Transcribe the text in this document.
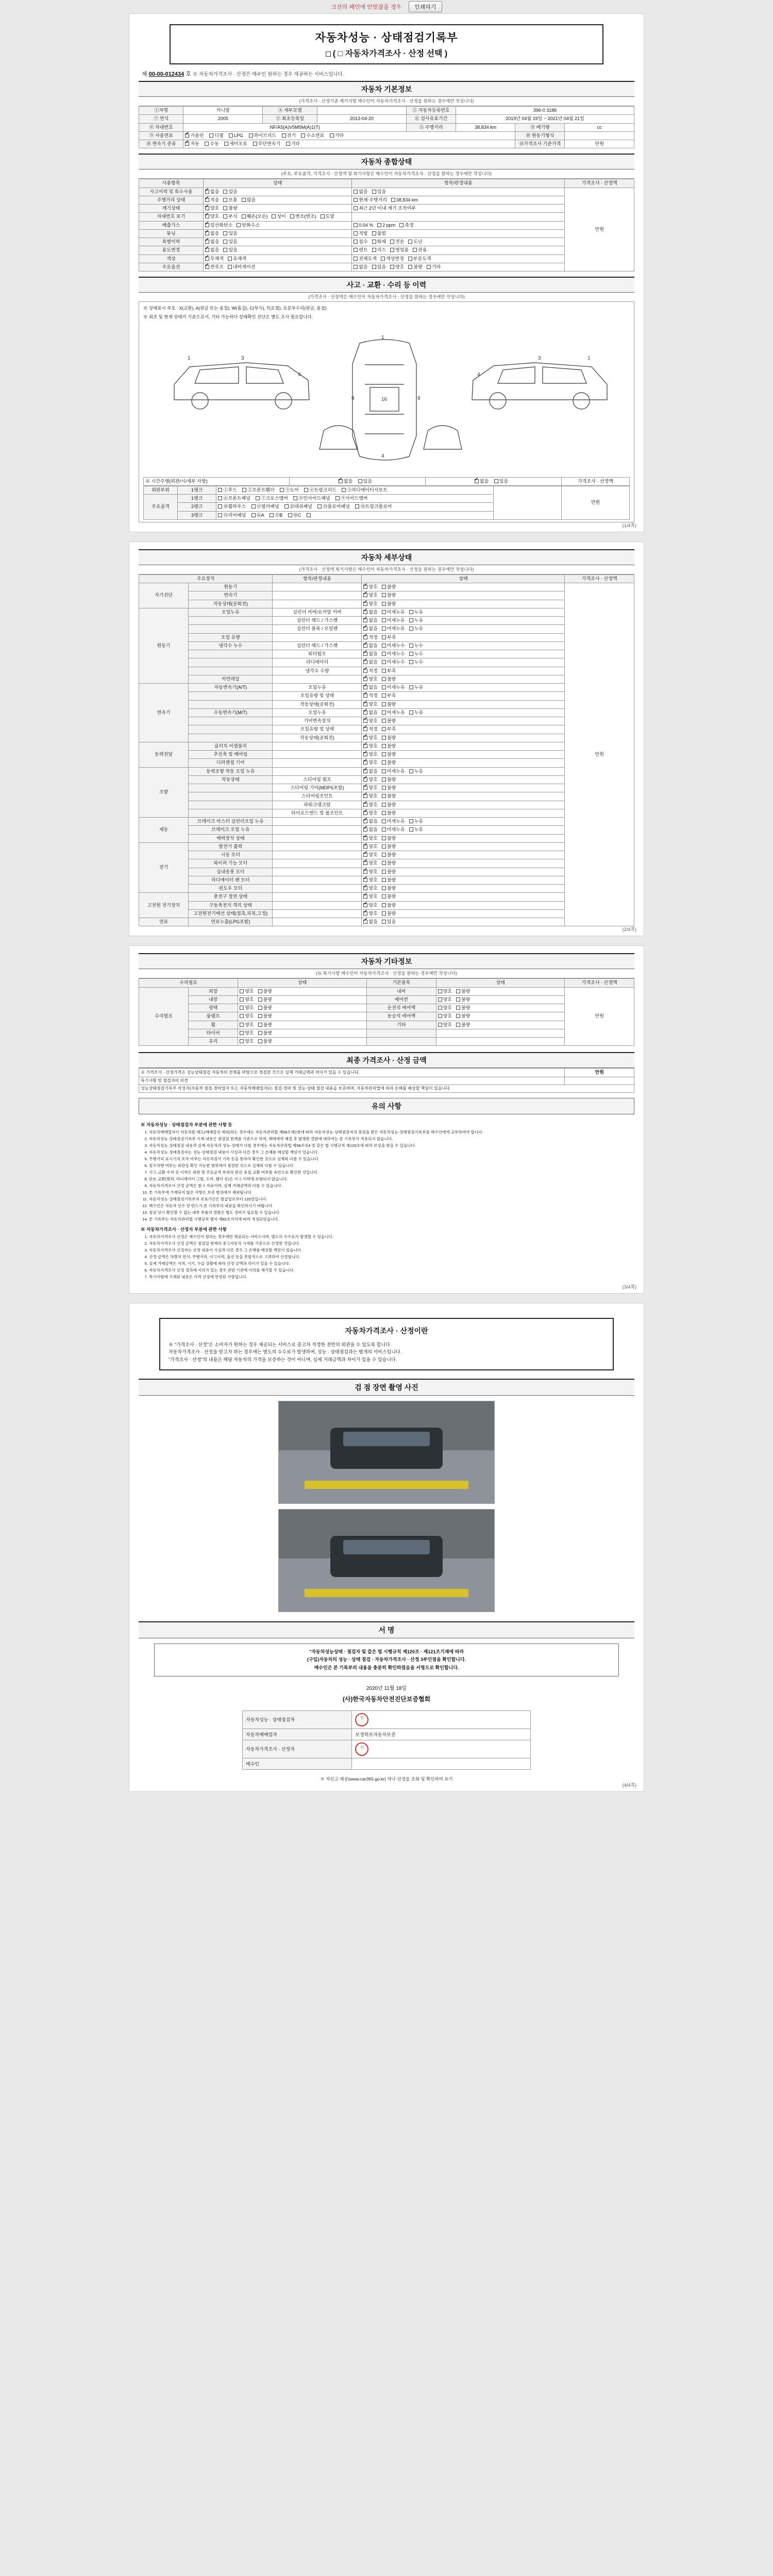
크션의 페인에 안맞잖을 경우	인쇄하기
자동차성능 · 상태점검기록부
( □ 자동차가격조사 · 산정 선택 )
제 00-00-012434 호 ※ 자동차가격조사 · 산정은 매수인 원하는 경우 제공하는 서비스입니다.
자동차 기본정보
(가격조사 · 산정기준 제기사항 매수인이 자동차가격조사 · 산정을 원하는 경우에만 작성니다)
①차명	카니발	④ 세부모델		② 자동차등록번호	396-0 3186		
⑦ 연식	2005	⑤ 최초등록일	2013-04-20	⑥ 검사유효기간	2019년 04월 19일 ~ 2021년 04월 21일		
⑧ 차대번호	NF/A5(A)V5M5M(A)1(T)			⑤ 주행거리	38,834 km	⑪ 배기량	cc
⑨ 사용연료	✔가솔린 디젤 LPG 하이브리드 전기 수소연료 기타					⑩ 원동기형식	
⑩ 변속기 종류	✔자동 수동 세미오토 무단변속기 기타					⑭가격조사 기준가격	만원
자동차 종합상태
(주요, 주요골격, 가격조사 · 산정액 및 복기사항은 매수인이 자동차가격조사 · 산정을 원하는 경우에만 작성니다)
사용항목	상태	항목/판정내용	가격조사 · 산정액
사고이력 및 특수사용	✔없음 있음	없음 있음	만원
주행거리 상태	✔적음 보통 많음	현재 주행거리 38,834 km	
계기상태	✔양호 불량	최근 2년 이내 계기 조작여부	
차대번호 표기	✔양호 부식 훼손(오손) 상이 변조(변조) 도말	
배출가스	✔일산화탄소 탄화수소	0.04 % 2 ppm 측정	
튜닝	✔없음 있음	적법 불법	
특별이력	✔없음 있음	침수 화재 전손 도난	
용도변경	✔없음 있음	렌트 리스 영업용 관용	
색상	✔무채색 유채색	전체도색 색상변경 부분도색	
주요옵션	✔썬루프 내비게이션	없음 있음 양호 불량 기타	
사고 · 교환 · 수리 등 이력
(가격조사 · 산정액은 매수인이 자동차가격조사 · 산정을 원하는 경우에만 작성니다)
※ 상태표시 부호 : X(교환), A(판금 또는 용접), W(흠집), C(부식), T(요철), 요분부수리(판금, 용접)
※ 최초 및 현재 상태가 기준으로서, 기타 가능하다 상태확인 진단은 별도 조사 필요합니다.
1	3
4
1
16
4
9	9
1
3
4
※ 시간주행(외관/시/세부 사항)	✔없음 있음	✔없음 있음	가격조사 · 산정액
외판부위	1랭크	①후드 ②프론트휀더 ③도어 ④트렁크리드 ⑤라디에이터서포트		만원
주요골격	1랭크	⑥프론트패널 ⑦크로스멤버 ⑧인사이드패널 ⑨사이드멤버		
	2랭크	⑩휠하우스 ⑪필러패널 ⑫대쉬패널 ⑬플로어패널 ⑭트렁크플로어		
	3랭크	⑮리어패널 ⑯A ⑰B ⑱C		
(1/4쪽)
자동차 세부상태
(가격조사 · 산정액 복기사항은 매수인이 자동차가격조사 · 산정을 원하는 경우에만 작성니다)
주요장치		항목/판정내용	상태	가격조사 · 산정액
자기진단	원동기		✔양호 불량	만원
	변속기		✔양호 불량
	작동상태(공회전)		✔양호 불량
원동기	오일누유	실린더 커버/로커암 커버	✔없음 미세누유 누유
		실린더 헤드 / 가스켓	✔없음 미세누유 누유
		실린더 블록 / 오일팬	✔없음 미세누유 누유
	오일 유량		✔적정 부족
	냉각수 누수	실린더 헤드 / 가스켓	✔없음 미세누수 누수
		워터펌프	✔없음 미세누수 누수
		라디에이터	✔없음 미세누수 누수
		냉각수 수량	✔적정 부족
	커먼레일		✔양호 불량
변속기	자동변속기(A/T)	오일누유	✔없음 미세누유 누유
		오일유량 및 상태	✔적정 부족
		작동상태(공회전)	✔양호 불량
	수동변속기(M/T)	오일누유	✔없음 미세누유 누유
		기어변속장치	✔양호 불량
		오일유량 및 상태	✔적정 부족
		작동상태(공회전)	✔양호 불량
동력전달	클러치 어셈블리		✔양호 불량
	추진축 및 베어링		✔양호 불량
	디퍼렌셜 기어		✔양호 불량
조향	동력조향 작동 오일 누유		✔없음 미세누유 누유
	작동상태	스티어링 펌프	✔양호 불량
		스티어링 기어(MDPS포함)	✔양호 불량
		스티어링조인트	✔양호 불량
		파워크랭크암	✔양호 불량
		타이로드엔드 및 볼조인트	✔양호 불량
제동	브레이크 마스터 실린더오일 누유		✔없음 미세누유 누유
	브레이크 오일 누유		✔없음 미세누유 누유
	배력장치 상태		✔양호 불량
전기	발전기 출력		✔양호 불량
	시동 모터		✔양호 불량
	와이퍼 기능 모터		✔양호 불량
	실내송풍 모터		✔양호 불량
	라디에이터 팬 모터		✔양호 불량
	윈도우 모터		✔양호 불량
고전원 전기장치	충전구 절연 상태		✔양호 불량
	구동축전지 격리 상태		✔양호 불량
	고전원전기배선 상태(접촉,피복,고정)		✔양호 불량
연료	연료누출(LPG포함)		✔없음 있음
(2/4쪽)
자동차 기타정보
(유 복기사항 매수인이 자동차가격조사 · 산정을 원하는 경우에만 작성니다)
수리필요		상태	기본품목	상태	가격조사 · 산정액
수리필요	외장	양호 불량	내비	양호 불량	만원
	내장	양호 불량	에어컨	양호 불량	
	광택	양호 불량	운전석 에어백	양호 불량	
	룸램프	양호 불량	동승석 에어백	양호 불량	
	휠	양호 불량	기타	양호 불량	
	타이어	양호 불량			
	유리	양호 불량			
최종 가격조사 · 산정 금액
※ 가격조사 · 산정가격은 성능상태점검 자동차의 전체를 바탕으로 정검한 것으로 실제 거래금액과 차이가 있을 수 있습니다.	만원
특기사항 및 점검자의 의견	
성능상태점검기록부 작성자(자동차 점검·정비업자 또는 자동차매매업자)는 점검·정비 및 성능·상태 점검 내용을 보증하며, 자동차관리법에 따라 손해를 배상할 책임이 있습니다.	
유의 사항
※ 자동차성능 · 상태점검자 부분에 관한 사항 등
1. 자동차매매업자가 자동차를 매도(매매알선 제외)하는 경우에는 자동차관리법 제58조제1항에 따라 자동차성능·상태점검자의 점검을 받은 자동차성능·상태점검기록부를 매수인에게 교부하여야 합니다.
2. 자동차성능·상태점검기록부 기재 내용은 점검일 현재를 기준으로 하며, 매매계약 체결 후 발생한 결함에 대하여는 본 기록부가 적용되지 않습니다.
3. 자동차성능·상태점검 내용과 실제 자동차의 성능·상태가 다를 경우에는 자동차관리법 제58조의4 및 같은 법 시행규칙 제120조에 따라 보상을 받을 수 있습니다.
4. 자동차성능·상태점검자는 성능·상태점검 내용이 사실과 다른 경우 그 손해를 배상할 책임이 있습니다.
5. 주행거리 표시기의 조작 여부는 자동차검사 기록 등을 통하여 확인한 것으로 실제와 다를 수 있습니다.
6. 침수차량 여부는 외관상 확인 가능한 범위에서 점검한 것으로 실제와 다를 수 있습니다.
7. 사고·교환·수리 등 이력은 외판 및 주요골격 부위의 판금·용접·교환 여부를 육안으로 확인한 것입니다.
8. 단순 교환(범퍼, 라디에이터 그릴, 도어, 휀더 등)은 사고 이력에 포함되지 않습니다.
9. 자동차가격조사·산정 금액은 참고 자료이며, 실제 거래금액과 다를 수 있습니다.
10. 본 기록부에 기재되지 않은 사항은 보증 범위에서 제외됩니다.
11. 자동차성능·상태점검기록부의 유효기간은 발급일로부터 120일입니다.
12. 매수인은 자동차 인수 전 반드시 본 기록부의 내용을 확인하시기 바랍니다.
13. 점검 당시 확인할 수 없는 내부 부품의 결함은 별도 정비가 필요할 수 있습니다.
14. 본 기록부는 자동차관리법 시행규칙 별지 제82호서식에 따라 작성되었습니다.
※ 자동차가격조사 · 산정자 부분에 관한 사항
1. 자동차가격조사·산정은 매수인이 원하는 경우에만 제공되는 서비스이며, 별도의 수수료가 발생할 수 있습니다.
2. 자동차가격조사·산정 금액은 점검일 현재의 중고자동차 시세를 기준으로 산정한 것입니다.
3. 자동차가격조사·산정자는 산정 내용이 사실과 다른 경우 그 손해를 배상할 책임이 있습니다.
4. 산정 금액은 차량의 연식, 주행거리, 사고이력, 옵션 등을 종합적으로 고려하여 산정합니다.
5. 실제 거래금액은 지역, 시기, 수급 상황에 따라 산정 금액과 차이가 있을 수 있습니다.
6. 자동차가격조사·산정 결과에 이의가 있는 경우 관련 기관에 이의를 제기할 수 있습니다.
7. 특기사항에 기재된 내용은 가격 산정에 반영된 사항입니다.
(3/4쪽)
자동차가격조사 · 산정이란
※ "가격조사 · 산정"은 소비자가 원하는 경우 제공되는 서비스로 중고차 적정한 전반의 외관을 수 있도록 합니다.
자동차가격조사 · 산정을 받고자 하는 경우에는 별도의 수수료가 발생하며, 성능 · 상태점검과는 별개의 서비스입니다.
"가격조사 · 산정"의 내용은 해당 자동차의 가격을 보증하는 것이 아니며, 실제 거래금액과 차이가 있을 수 있습니다.
검 점 장면 촬영 사진
서 명
"자동차성능상태 · 점검자 및 같은 법 시행규칙 제120조 · 제121조기재에 따라
(구입)자동차의 성능 · 상태 점검 · 자동차가격조사 · 산정 3부인점을 확인합니다.
매수인은 본 기록부의 내용을 충분히 확인하였음을 서명으로 확인합니다.
2020년 11월 18일
(사)한국자동차안전진단보증협회
자동차성능 · 상태점검자	인
자동차매매업자	보정하보자동차보증
자동차가격조사 · 산정자	인
매수인	
※ 자신고 제공(www.car365.go.kr) 자나·산정을 조회 및 확인하여 보기
(4/4쪽)
